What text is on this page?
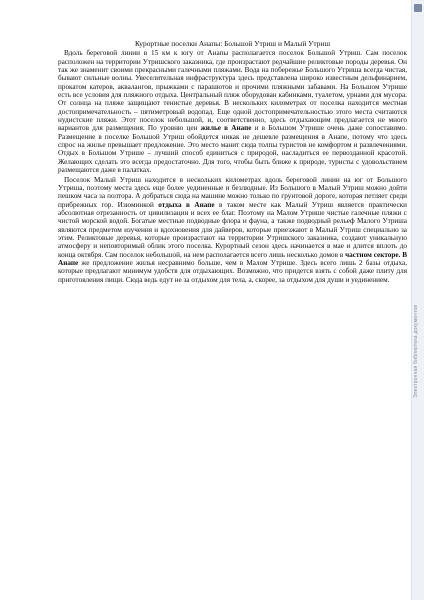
Курортные поселки Анапы: Большой Утриш и Малый Утриш

Вдоль береговой линии в 15 км к югу от Анапы располагается поселок Большой Утриш. Сам поселок расположен на территории Утришского заказника, где произрастают редчайшие реликтовые породы деревья. Он так же знаменит своими прекрасными галечными пляжами. Вода на побережье Большого Утриша всегда чистая, бывают сильные волны. Увеселительная инфраструктура здесь представлена широко известным дельфинарием, прокатом катеров, аквалангов, прыжками с парашютов и прочими пляжными забавами. На Большом Утрише есть все условия для пляжного отдыха. Центральный пляж оборудован кабинками, туалетом, урнами для мусора. От солнца на пляже защищают тенистые деревья. В нескольких километрах от поселка находится местная достопримечательность – пятиметровый водопад. Еще одной достопримечательностью этого места считаются нудистские пляжи. Этот поселок небольшой, и, соответственно, здесь отдыхающим предлагается не много вариантов для размещения. По уровню цен жилье в Анапе и в Большом Утрише очень даже сопоставимо. Размещение в поселке Большой Утриш обойдется никак не дешевле размещения в Анапе, потому что здесь спрос на жилье превышает предложение. Это место манит сюда толпы туристов не комфортом и развлечениями. Отдых в Большом Утрише – лучший способ единиться с природой, насладиться ее первозданной красотой. Желающих сделать это всегда предостаточно. Для того, чтобы быть ближе к природе, туристы с удовольствием размещаются даже в палатках.

Поселок Малый Утриш находится в нескольких километрах вдоль береговой линии на юг от Большого Утриша, поэтому места здесь еще более уединенные и безлюдные. Из Большого в Малый Утриш можно дойти пешком часа за полтора. А добраться сюда на машине можно только по грунтовой дороге, которая петляет среди прибрежных гор. Изюминкой отдыха в Анапе в таком месте как Малый Утриш является практически абсолютная отрезанность от цивилизации и всех ее благ. Поэтому на Малом Утрише чистые галечные пляжи с чистой морской водой. Богатые местные подводные флора и фауна, а также подводный рельеф Малого Утриша являются предметом изучения и вдохновения для дайверов, которые приезжают в Малый Утриш специально за этим. Реликтовые деревья, которые произрастают на территории Утришского заказника, создают уникальную атмосферу и неповторимый облик этого поселка. Курортный сезон здесь начинается в мае и длится вплоть до конца октября. Сам поселок небольшой, на нем располагается всего лишь несколько домов в частном секторе. В Анапе же предложение жилья несравнимо больше, чем в Малом Утрише. Здесь всего лишь 2 базы отдыха, которые предлагают минимум удобств для отдыхающих. Возможно, что придется взять с собой даже плиту для приготовления пищи. Сюда ведь едут не за отдыхом для тела, а, скорее, за отдыхом для души и уединением.

Электронная библиотека документов
